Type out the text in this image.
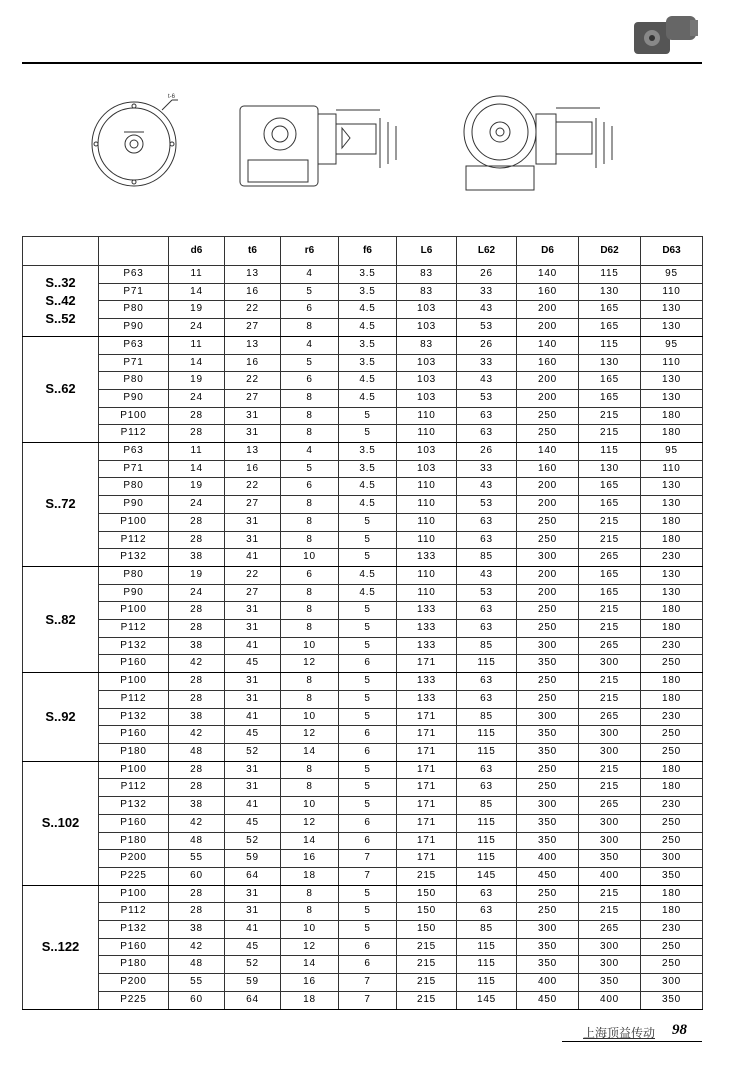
t-6
		d6	t6	r6	f6	L6	L62	D6	D62	D63

S..32
S..42
S..52	P63	11	13	4	3.5	83	26	140	115	95
	P71	14	16	5	3.5	83	33	160	130	110
	P80	19	22	6	4.5	103	43	200	165	130
	P90	24	27	8	4.5	103	53	200	165	130

S..62	P63	11	13	4	3.5	83	26	140	115	95
	P71	14	16	5	3.5	103	33	160	130	110
	P80	19	22	6	4.5	103	43	200	165	130
	P90	24	27	8	4.5	103	53	200	165	130
	P100	28	31	8	5	110	63	250	215	180
	P112	28	31	8	5	110	63	250	215	180

S..72	P63	11	13	4	3.5	103	26	140	115	95
	P71	14	16	5	3.5	103	33	160	130	110
	P80	19	22	6	4.5	110	43	200	165	130
	P90	24	27	8	4.5	110	53	200	165	130
	P100	28	31	8	5	110	63	250	215	180
	P112	28	31	8	5	110	63	250	215	180
	P132	38	41	10	5	133	85	300	265	230

S..82	P80	19	22	6	4.5	110	43	200	165	130
	P90	24	27	8	4.5	110	53	200	165	130
	P100	28	31	8	5	133	63	250	215	180
	P112	28	31	8	5	133	63	250	215	180
	P132	38	41	10	5	133	85	300	265	230
	P160	42	45	12	6	171	115	350	300	250

S..92	P100	28	31	8	5	133	63	250	215	180
	P112	28	31	8	5	133	63	250	215	180
	P132	38	41	10	5	171	85	300	265	230
	P160	42	45	12	6	171	115	350	300	250
	P180	48	52	14	6	171	115	350	300	250

S..102	P100	28	31	8	5	171	63	250	215	180
	P112	28	31	8	5	171	63	250	215	180
	P132	38	41	10	5	171	85	300	265	230
	P160	42	45	12	6	171	115	350	300	250
	P180	48	52	14	6	171	115	350	300	250
	P200	55	59	16	7	171	115	400	350	300
	P225	60	64	18	7	215	145	450	400	350

S..122	P100	28	31	8	5	150	63	250	215	180
	P112	28	31	8	5	150	63	250	215	180
	P132	38	41	10	5	150	85	300	265	230
	P160	42	45	12	6	215	115	350	300	250
	P180	48	52	14	6	215	115	350	300	250
	P200	55	59	16	7	215	115	400	350	300
	P225	60	64	18	7	215	145	450	400	350
上海顶益传动 98
